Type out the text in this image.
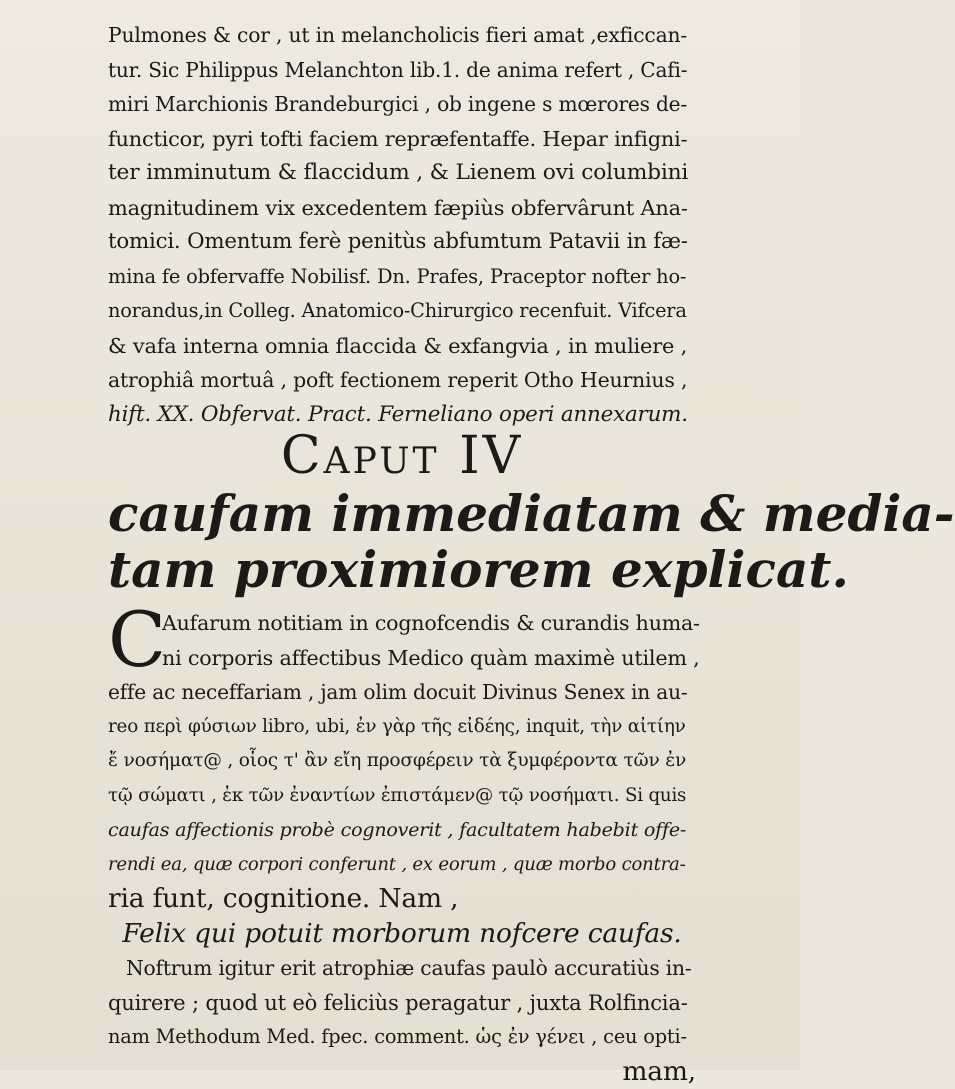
Pulmones & cor , ut in melancholicis fieri amat ,exficcan-
tur. Sic Philippus Melanchton lib.1. de anima refert , Cafi-
miri Marchionis Brandeburgici , ob ingene s mœrores de-
functicor, pyri tofti faciem repræfentaffe. Hepar infigni-
ter imminutum & flaccidum , & Lienem ovi columbini
magnitudinem vix excedentem fæpiùs obfervârunt Ana-
tomici. Omentum ferè penitùs abfumtum Patavii in fæ-
mina fe obfervaffe Nobilisf. Dn. Prafes, Praceptor nofter ho-
norandus,in Colleg. Anatomico-Chirurgico recenfuit. Vifcera
& vafa interna omnia flaccida & exfangvia , in muliere ,
atrophiâ mortuâ , poft fectionem reperit Otho Heurnius ,
hift. XX. Obfervat. Pract. Ferneliano operi annexarum.
Caput IV
caufam immediatam & media-
tam proximiorem explicat.
C
Aufarum notitiam in cognofcendis & curandis huma-
ni corporis affectibus Medico quàm maximè utilem ,
effe ac neceffariam , jam olim docuit Divinus Senex in au-
reo περὶ φύσιων libro, ubi, ἐν γὰρ τῆς εἰδέης, inquit, τὴν αἰτίην
ἔ νοσήματ@ , οἷος τ' ἂν εἴη προσφέρειν τὰ ξυμφέροντα τῶν ἐν
τῷ σώματι , ἐκ τῶν ἐναντίων ἐπιστάμεν@ τῷ νοσήματι. Si quis
caufas affectionis probè cognoverit , facultatem habebit offe-
rendi ea, quæ corpori conferunt , ex eorum , quæ morbo contra-
ria funt, cognitione. Nam ,
Felix qui potuit morborum nofcere caufas.
Noftrum igitur erit atrophiæ caufas paulò accuratiùs in-
quirere ; quod ut eò feliciùs peragatur , juxta Rolfincia-
nam Methodum Med. fpec. comment. ὡς ἐν γένει , ceu opti-
mam,
